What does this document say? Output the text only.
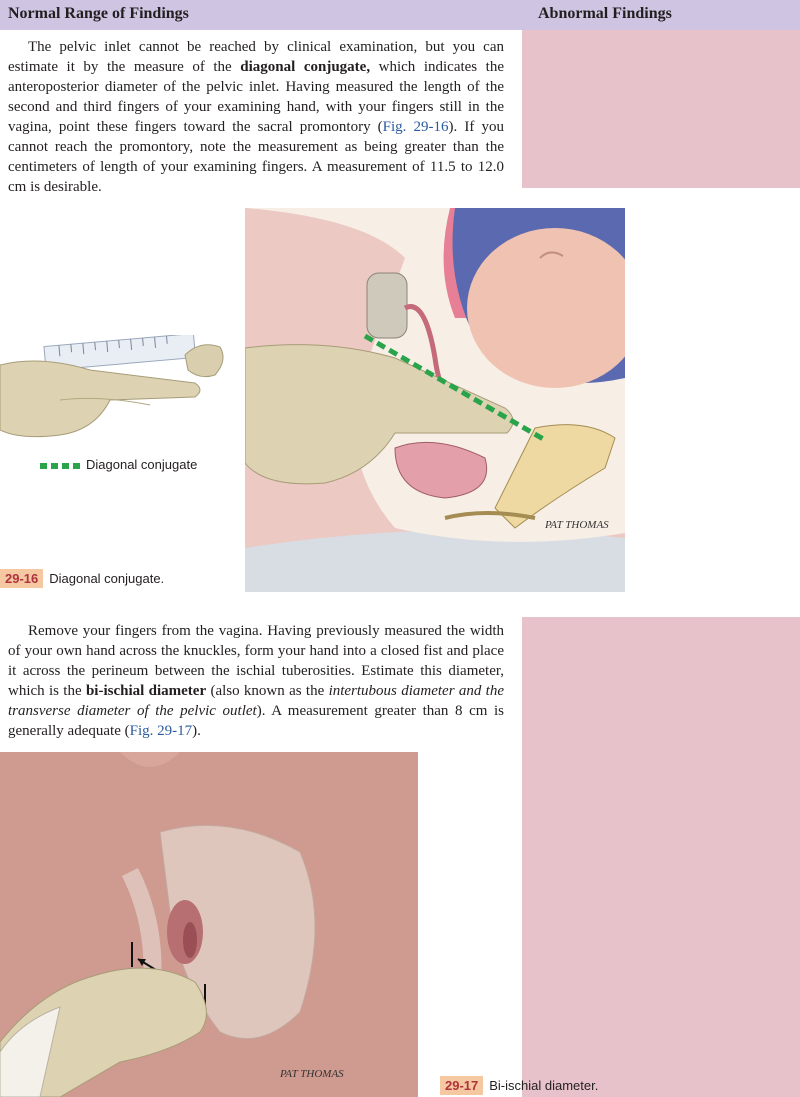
Normal Range of Findings	Abnormal Findings

The pelvic inlet cannot be reached by clinical examination, but you can estimate it by the measure of the diagonal conjugate, which indicates the anteroposterior diameter of the pelvic inlet. Having measured the length of the second and third fingers of your examining hand, with your fingers still in the vagina, point these fingers toward the sacral promontory (Fig. 29-16). If you cannot reach the promontory, note the measurement as being greater than the centimeters of length of your examining fingers. A measurement of 11.5 to 12.0 cm is desirable.

Diagonal conjugate
PAT THOMAS
29-16 Diagonal conjugate.

Remove your fingers from the vagina. Having previously measured the width of your own hand across the knuckles, form your hand into a closed fist and place it across the perineum between the ischial tuberosities. Estimate this diameter, which is the bi-ischial diameter (also known as the intertubous diameter and the transverse diameter of the pelvic outlet). A measurement greater than 8 cm is generally adequate (Fig. 29-17).

PAT THOMAS
29-17 Bi-ischial diameter.
